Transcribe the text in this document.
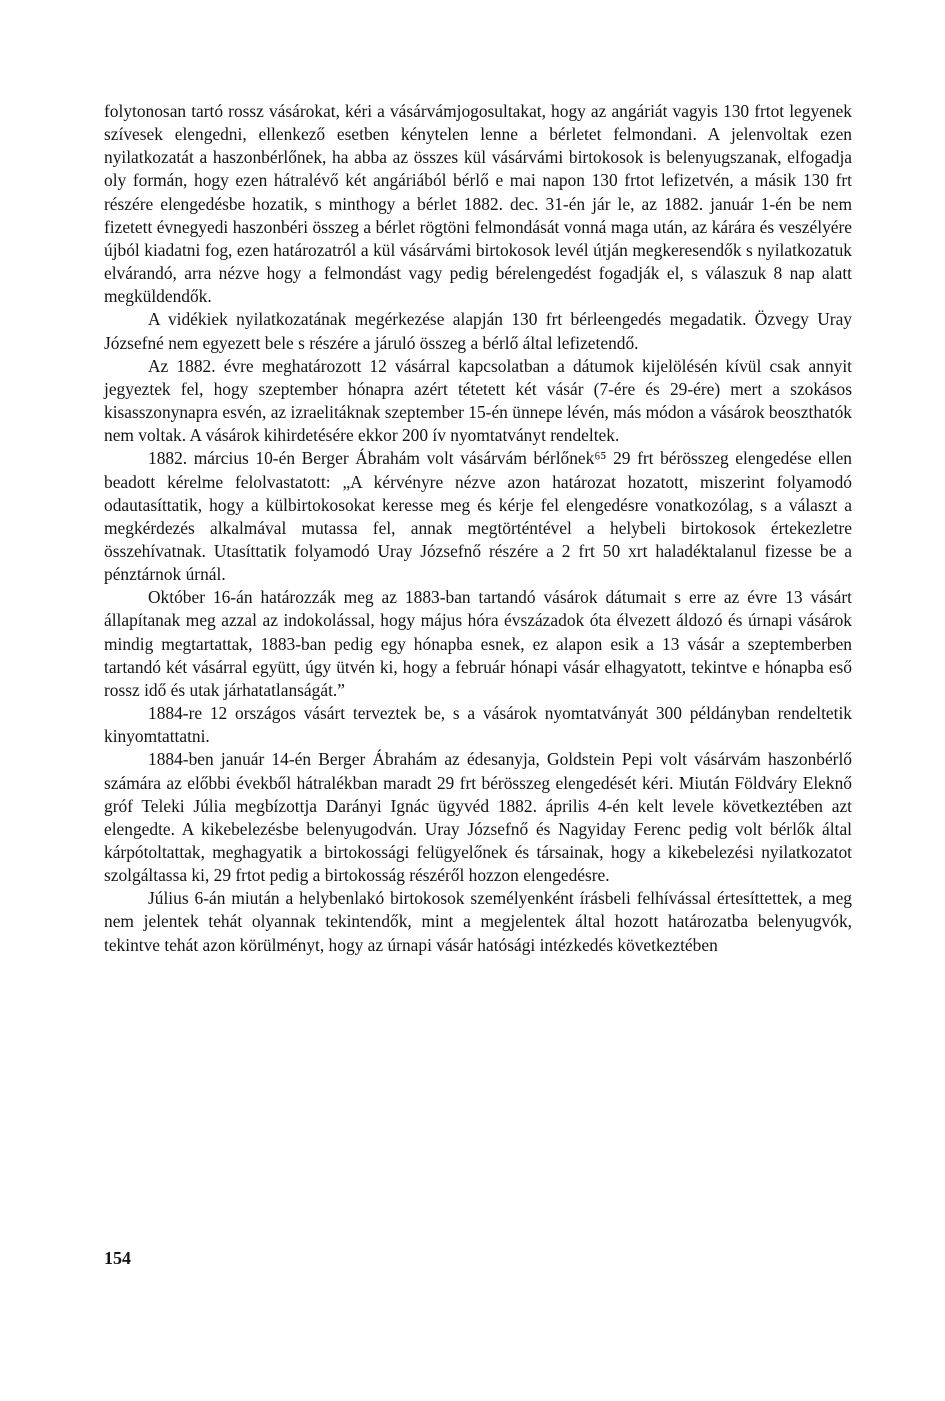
folytonosan tartó rossz vásárokat, kéri a vásárvámjogosultakat, hogy az angáriát vagyis 130 frtot legyenek szívesek elengedni, ellenkező esetben kénytelen lenne a bérletet felmondani. A jelenvoltak ezen nyilatkozatát a haszonbérlőnek, ha abba az összes kül vásárvámi birtokosok is belenyugszanak, elfogadja oly formán, hogy ezen hátralévő két angáriából bérlő e mai napon 130 frtot lefizetvén, a másik 130 frt részére elengedésbe hozatik, s minthogy a bérlet 1882. dec. 31-én jár le, az 1882. január 1-én be nem fizetett évnegyedi haszonbéri összeg a bérlet rögtöni felmondását vonná maga után, az kárára és veszélyére újból kiadatni fog, ezen határozatról a kül vásárvámi birtokosok levél útján megkeresendők s nyilatkozatuk elvárandó, arra nézve hogy a felmondást vagy pedig bérelengedést fogadják el, s válaszuk 8 nap alatt megküldendők.

A vidékiek nyilatkozatának megérkezése alapján 130 frt bérleengedés megadatik. Özvegy Uray Józsefné nem egyezett bele s részére a járuló összeg a bérlő által lefizetendő.

Az 1882. évre meghatározott 12 vásárral kapcsolatban a dátumok kijelölésén kívül csak annyit jegyeztek fel, hogy szeptember hónapra azért tétetett két vásár (7-ére és 29-ére) mert a szokásos kisasszonynapra esvén, az izraelitáknak szeptember 15-én ünnepe lévén, más módon a vásárok beoszthatók nem voltak. A vásárok kihirdetésére ekkor 200 ív nyomtatványt rendeltek.

1882. március 10-én Berger Ábrahám volt vásárvám bérlőnek⁶⁵ 29 frt bérösszeg elengedése ellen beadott kérelme felolvastatott: „A kérvényre nézve azon határozat hozatott, miszerint folyamodó odautasíttatik, hogy a külbirtokosokat keresse meg és kérje fel elengedésre vonatkozólag, s a választ a megkérdezés alkalmával mutassa fel, annak megtörténtével a helybeli birtokosok értekezletre összehívatnak. Utasíttatik folyamodó Uray Józsefnő részére a 2 frt 50 xrt haladéktalanul fizesse be a pénztárnok úrnál.

Október 16-án határozzák meg az 1883-ban tartandó vásárok dátumait s erre az évre 13 vásárt állapítanak meg azzal az indokolással, hogy május hóra évszázadok óta élvezett áldozó és úrnapi vásárok mindig megtartattak, 1883-ban pedig egy hónapba esnek, ez alapon esik a 13 vásár a szeptemberben tartandó két vásárral együtt, úgy ütvén ki, hogy a február hónapi vásár elhagyatott, tekintve e hónapba eső rossz idő és utak járhatatlanságát.”

1884-re 12 országos vásárt terveztek be, s a vásárok nyomtatványát 300 példányban rendeltetik kinyomtattatni.

1884-ben január 14-én Berger Ábrahám az édesanyja, Goldstein Pepi volt vásárvám haszonbérlő számára az előbbi évekből hátralékban maradt 29 frt bérösszeg elengedését kéri. Miután Földváry Eleknő gróf Teleki Júlia megbízottja Darányi Ignác ügyvéd 1882. április 4-én kelt levele következtében azt elengedte. A kikebelezésbe belenyugodván. Uray Józsefnő és Nagyiday Ferenc pedig volt bérlők által kárpótoltattak, meghagyatik a birtokossági felügyelőnek és társainak, hogy a kikebelezési nyilatkozatot szolgáltassa ki, 29 frtot pedig a birtokosság részéről hozzon elengedésre.

Július 6-án miután a helybenlakó birtokosok személyenként írásbeli felhívással értesíttettek, a meg nem jelentek tehát olyannak tekintendők, mint a megjelentek által hozott határozatba belenyugvók, tekintve tehát azon körülményt, hogy az úrnapi vásár hatósági intézkedés következtében

154
